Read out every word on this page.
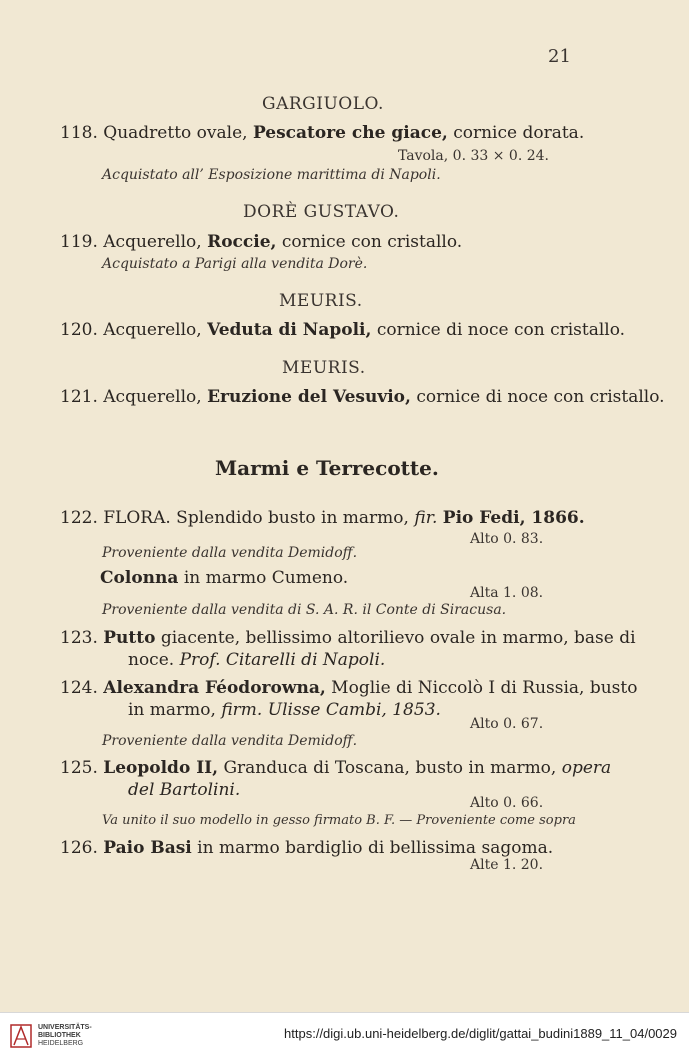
21
GARGIUOLO.
118. Quadretto ovale, Pescatore che giace, cornice dorata.
Tavola, 0. 33 × 0. 24.
Acquistato all’ Esposizione marittima di Napoli.
DORÈ GUSTAVO.
119. Acquerello, Roccie, cornice con cristallo.
Acquistato a Parigi alla vendita Dorè.
MEURIS.
120. Acquerello, Veduta di Napoli, cornice di noce con cristallo.
MEURIS.
121. Acquerello, Eruzione del Vesuvio, cornice di noce con cristallo.
Marmi e Terrecotte.
122. FLORA. Splendido busto in marmo, fir. Pio Fedi, 1866.
Alto 0. 83.
Proveniente dalla vendita Demidoff.
Colonna in marmo Cumeno.
Alta 1. 08.
Proveniente dalla vendita di S. A. R. il Conte di Siracusa.
123. Putto giacente, bellissimo altorilievo ovale in marmo, base di
noce. Prof. Citarelli di Napoli.
124. Alexandra Féodorowna, Moglie di Niccolò I di Russia, busto
in marmo, firm. Ulisse Cambi, 1853.
Alto 0. 67.
Proveniente dalla vendita Demidoff.
125. Leopoldo II, Granduca di Toscana, busto in marmo, opera
del Bartolini.
Alto 0. 66.
Va unito il suo modello in gesso firmato B. F. — Proveniente come sopra
126. Paio Basi in marmo bardiglio di bellissima sagoma.
Alte 1. 20.
UNIVERSITÄTS-
BIBLIOTHEK
HEIDELBERG
https://digi.ub.uni-heidelberg.de/diglit/gattai_budini1889_11_04/0029
